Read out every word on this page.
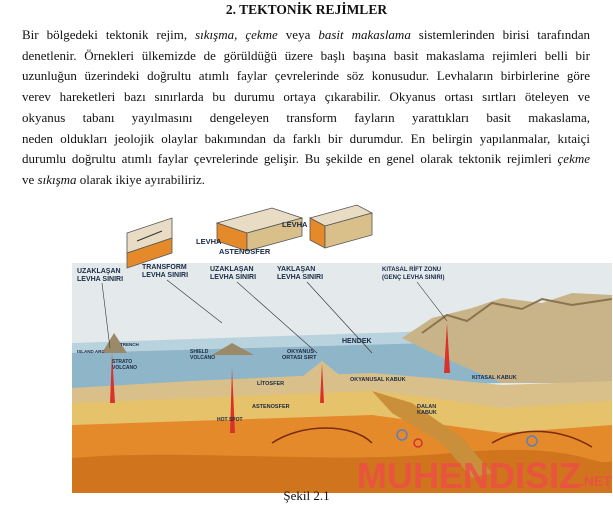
2. TEKTONİK REJİMLER
Bir bölgedeki tektonik rejim, sıkışma, çekme veya basit makaslama sistemlerinden birisi tarafından
denetlenir. Örnekleri ülkemizde de görüldüğü üzere başlı başına basit makaslama rejimleri belli bir
uzunluğun üzerindeki doğrultu atımlı faylar çevrelerinde söz konusudur. Levhaların birbirlerine göre
verev hareketleri bazı sınırlarda bu durumu ortaya çıkarabilir. Okyanus ortası sırtları öteleyen ve
okyanus tabanı yayılmasını dengeleyen transform fayların yarattıkları basit makaslama,
neden oldukları jeolojik olaylar bakımından da farklı bir durumdur. En belirgin yapılanmalar, kıtaiçi
durumlu doğrultu atımlı faylar çevrelerinde gelişir. Bu şekilde en genel olarak tektonik rejimleri çekme
ve sıkışma olarak ikiye ayırabiliriz.
LEVHA
LEVHA
ASTENOSFER
UZAKLAŞAN
LEVHA SINIRI
TRANSFORM
LEVHA SINIRI
UZAKLAŞAN
LEVHA SINIRI
YAKLAŞAN
LEVHA SINIRI
KITASAL RİFT ZONU
(GENÇ LEVHA SINIRI)
ISLAND ARC
TRENCH
STRATO
VOLCANO
SHIELD
VOLCANO
HENDEK
OKYANUS
ORTASI SIRT
OKYANUSAL KABUK	KITASAL KABUK
LİTOSFER
ASTENOSFER	DALAN
KABUK
HOT SPOT
MUHENDISIZ .NET
Şekil 2.1
